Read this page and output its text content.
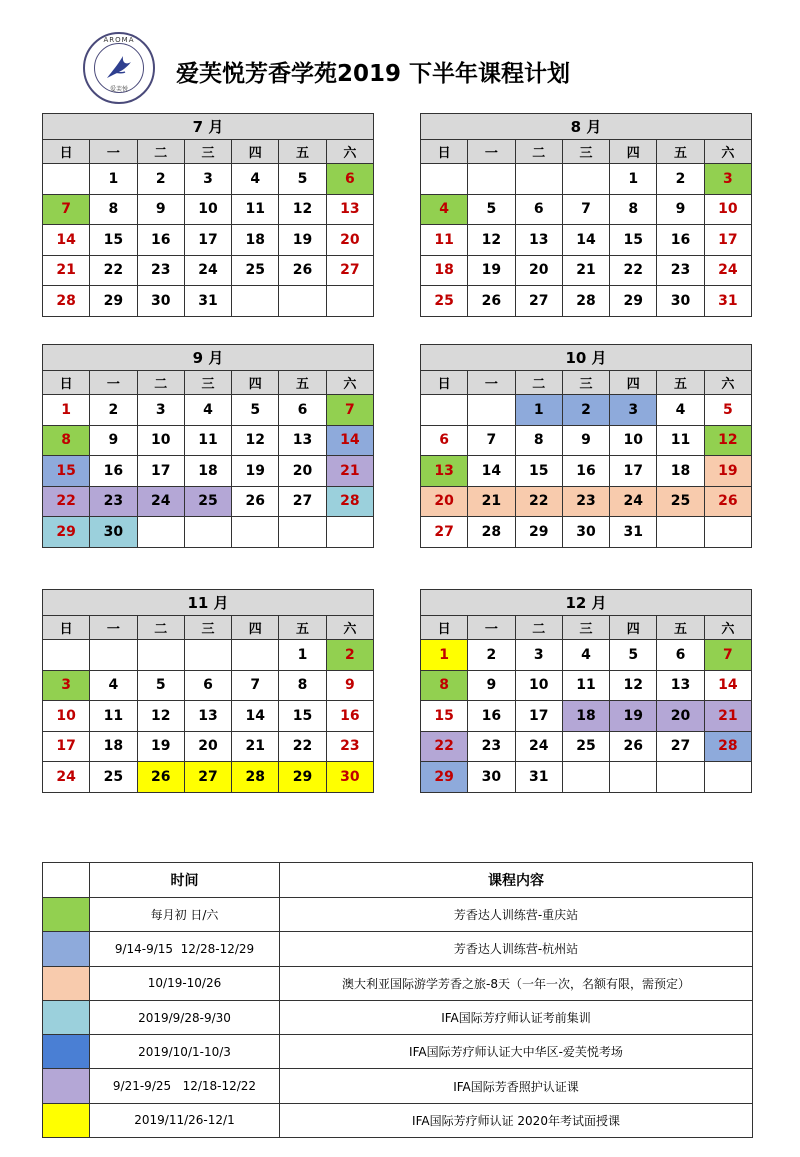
AROMA
爱芙悦
爱芙悦芳香学苑2019 下半年课程计划
7 月						
日	一	二	三	四	五	六
	1	2	3	4	5	6
7	8	9	10	11	12	13
14	15	16	17	18	19	20
21	22	23	24	25	26	27
28	29	30	31			
8 月						
日	一	二	三	四	五	六
				1	2	3
4	5	6	7	8	9	10
11	12	13	14	15	16	17
18	19	20	21	22	23	24
25	26	27	28	29	30	31
9 月						
日	一	二	三	四	五	六
1	2	3	4	5	6	7
8	9	10	11	12	13	14
15	16	17	18	19	20	21
22	23	24	25	26	27	28
29	30					
10 月						
日	一	二	三	四	五	六
		1	2	3	4	5
6	7	8	9	10	11	12
13	14	15	16	17	18	19
20	21	22	23	24	25	26
27	28	29	30	31		
11 月						
日	一	二	三	四	五	六
					1	2
3	4	5	6	7	8	9
10	11	12	13	14	15	16
17	18	19	20	21	22	23
24	25	26	27	28	29	30
12 月						
日	一	二	三	四	五	六
1	2	3	4	5	6	7
8	9	10	11	12	13	14
15	16	17	18	19	20	21
22	23	24	25	26	27	28
29	30	31				
	时间	课程内容
	每月初 日/六	芳香达人训练营-重庆站
	9/14-9/15  12/28-12/29	芳香达人训练营-杭州站
	10/19-10/26	澳大利亚国际游学芳香之旅-8天（一年一次，名额有限，需预定）
	2019/9/28-9/30	IFA国际芳疗师认证考前集训
	2019/10/1-10/3	IFA国际芳疗师认证大中华区-爱芙悦考场
	9/21-9/25   12/18-12/22	IFA国际芳香照护认证课
	2019/11/26-12/1	IFA国际芳疗师认证 2020年考试面授课
